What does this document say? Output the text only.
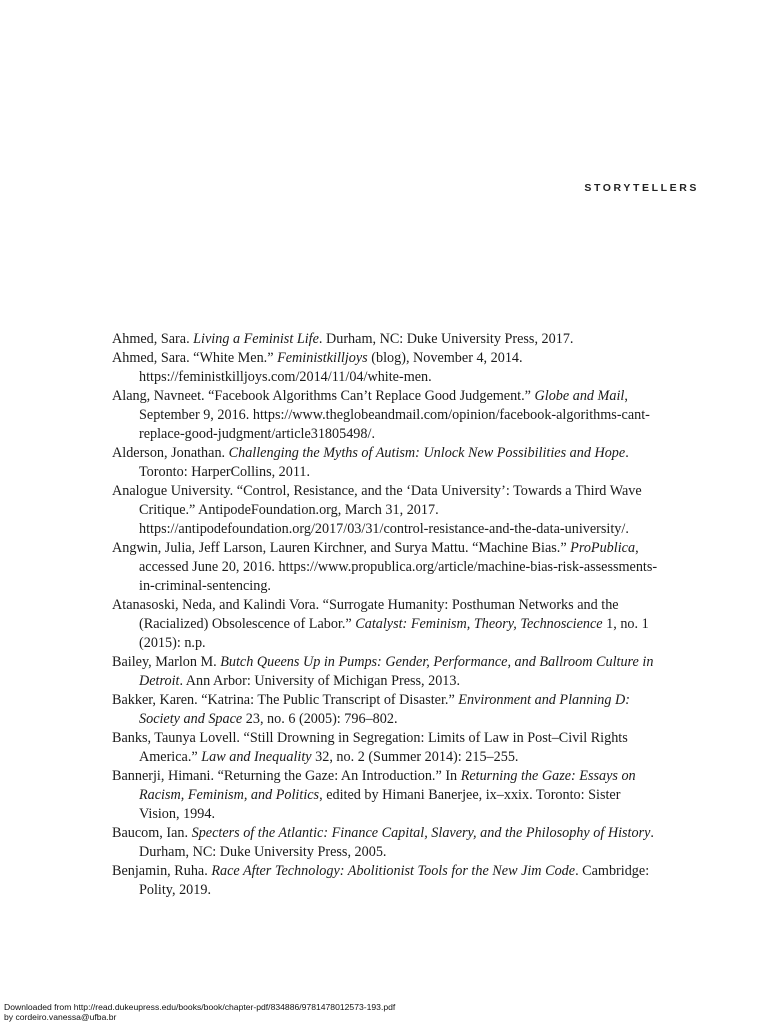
STORYTELLERS
Ahmed, Sara. Living a Feminist Life. Durham, NC: Duke University Press, 2017.
Ahmed, Sara. “White Men.” Feministkilljoys (blog), November 4, 2014. https://feministkilljoys.com/2014/11/04/white-men.
Alang, Navneet. “Facebook Algorithms Can’t Replace Good Judgement.” Globe and Mail, September 9, 2016. https://www.theglobeandmail.com/opinion/facebook-algorithms-cant-replace-good-judgment/article31805498/.
Alderson, Jonathan. Challenging the Myths of Autism: Unlock New Possibilities and Hope. Toronto: HarperCollins, 2011.
Analogue University. “Control, Resistance, and the ‘Data University’: Towards a Third Wave Critique.” AntipodeFoundation.org, March 31, 2017. https://antipodefoundation.org/2017/03/31/control-resistance-and-the-data-university/.
Angwin, Julia, Jeff Larson, Lauren Kirchner, and Surya Mattu. “Machine Bias.” ProPublica, accessed June 20, 2016. https://www.propublica.org/article/machine-bias-risk-assessments-in-criminal-sentencing.
Atanasoski, Neda, and Kalindi Vora. “Surrogate Humanity: Posthuman Networks and the (Racialized) Obsolescence of Labor.” Catalyst: Feminism, Theory, Technoscience 1, no. 1 (2015): n.p.
Bailey, Marlon M. Butch Queens Up in Pumps: Gender, Performance, and Ballroom Culture in Detroit. Ann Arbor: University of Michigan Press, 2013.
Bakker, Karen. “Katrina: The Public Transcript of Disaster.” Environment and Planning D: Society and Space 23, no. 6 (2005): 796–802.
Banks, Taunya Lovell. “Still Drowning in Segregation: Limits of Law in Post–Civil Rights America.” Law and Inequality 32, no. 2 (Summer 2014): 215–255.
Bannerji, Himani. “Returning the Gaze: An Introduction.” In Returning the Gaze: Essays on Racism, Feminism, and Politics, edited by Himani Banerjee, ix–xxix. Toronto: Sister Vision, 1994.
Baucom, Ian. Specters of the Atlantic: Finance Capital, Slavery, and the Philosophy of History. Durham, NC: Duke University Press, 2005.
Benjamin, Ruha. Race After Technology: Abolitionist Tools for the New Jim Code. Cambridge: Polity, 2019.
Downloaded from http://read.dukeupress.edu/books/book/chapter-pdf/834886/9781478012573-193.pdf
by cordeiro.vanessa@ufba.br
